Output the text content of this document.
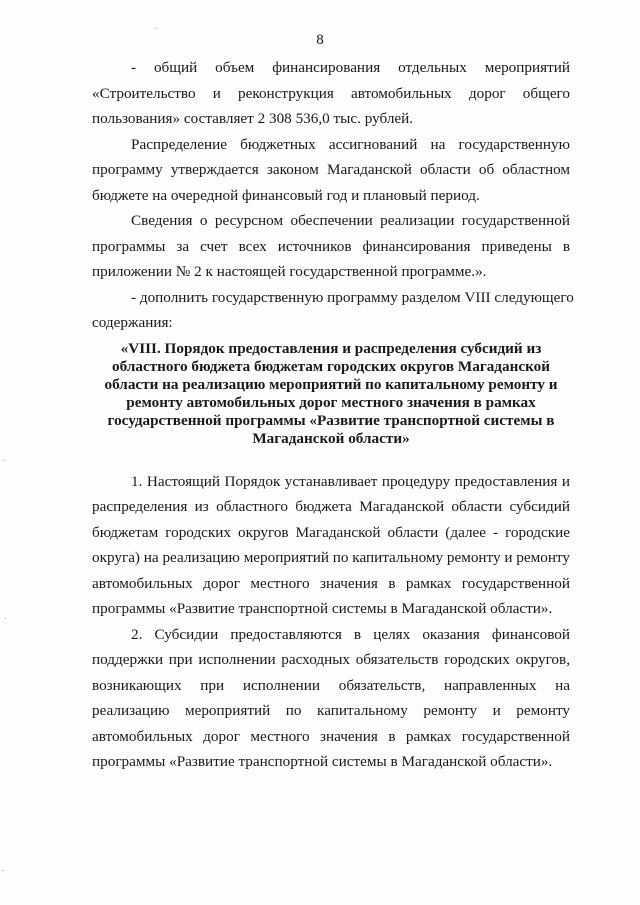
8

- общий объем финансирования отдельных мероприятий

«Строительство и реконструкция автомобильных дорог общего

пользования» составляет 2 308 536,0 тыс. рублей.

Распределение бюджетных ассигнований на государственную

программу утверждается законом Магаданской области об областном

бюджете на очередной финансовый год и плановый период.

Сведения о ресурсном обеспечении реализации государственной

программы за счет всех источников финансирования приведены в

приложении № 2 к настоящей государственной программе.».

- дополнить государственную программу разделом VIII следующего

содержания:

«VIII. Порядок предоставления и распределения субсидий из
областного бюджета бюджетам городских округов Магаданской
области на реализацию мероприятий по капитальному ремонту и
ремонту автомобильных дорог местного значения в рамках
государственной программы «Развитие транспортной системы в
Магаданской области»

1. Настоящий Порядок устанавливает процедуру предоставления и

распределения из областного бюджета Магаданской области субсидий

бюджетам городских округов Магаданской области (далее - городские

округа) на реализацию мероприятий по капитальному ремонту и ремонту

автомобильных дорог местного значения в рамках государственной

программы «Развитие транспортной системы в Магаданской области».

2. Субсидии предоставляются в целях оказания финансовой

поддержки при исполнении расходных обязательств городских округов,

возникающих при исполнении обязательств, направленных на

реализацию мероприятий по капитальному ремонту и ремонту

автомобильных дорог местного значения в рамках государственной

программы «Развитие транспортной системы в Магаданской области».
